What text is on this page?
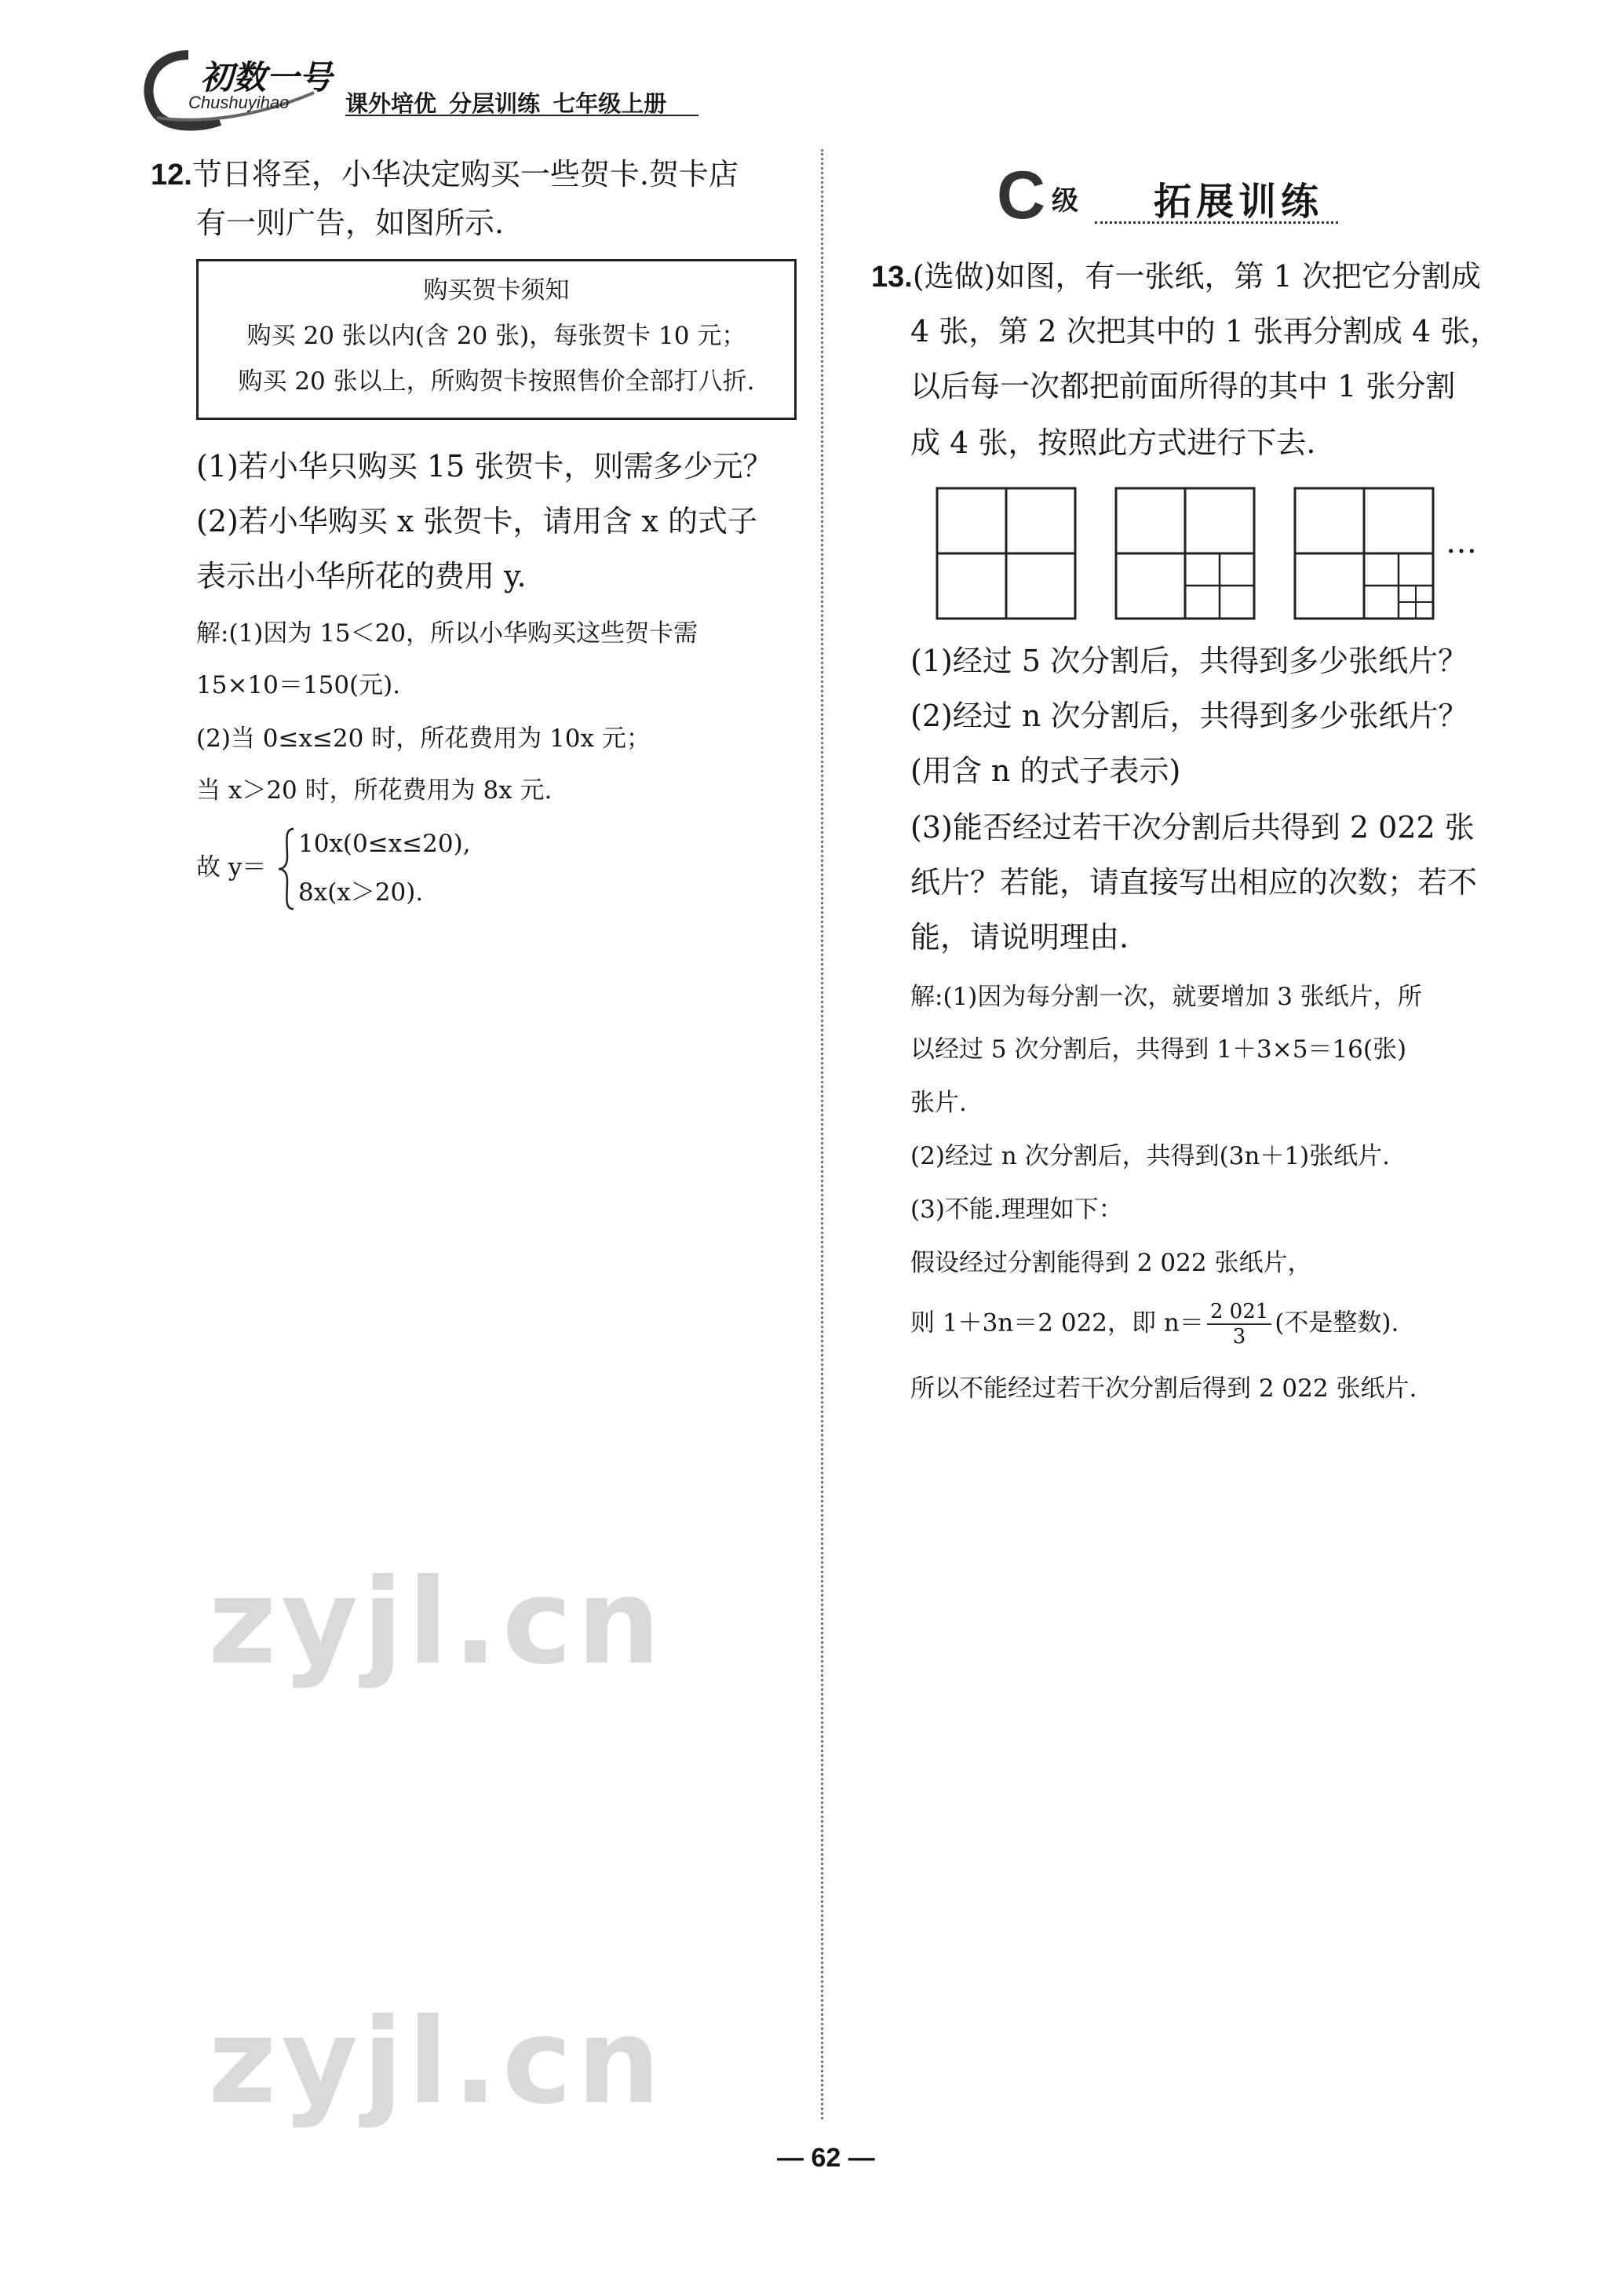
初数一号
Chushuyihao 课外培优 分层训练 七年级上册
12.节日将至，小华决定购买一些贺卡.贺卡店
有一则广告，如图所示.
购买贺卡须知
购买 20 张以内(含 20 张)，每张贺卡 10 元；
购买 20 张以上，所购贺卡按照售价全部打八折.
(1)若小华只购买 15 张贺卡，则需多少元？
(2)若小华购买 x 张贺卡，请用含 x 的式子
表示出小华所花的费用 y.
解:(1)因为 15＜20，所以小华购买这些贺卡需
15×10＝150(元).
(2)当 0≤x≤20 时，所花费用为 10x 元；
当 x＞20 时，所花费用为 8x 元.
故 y＝
10x(0≤x≤20),
8x(x＞20).
C 级 拓展训练
13.(选做)如图，有一张纸，第 1 次把它分割成
4 张，第 2 次把其中的 1 张再分割成 4 张，
以后每一次都把前面所得的其中 1 张分割
成 4 张，按照此方式进行下去.
…
(1)经过 5 次分割后，共得到多少张纸片？
(2)经过 n 次分割后，共得到多少张纸片？
(用含 n 的式子表示)
(3)能否经过若干次分割后共得到 2 022 张
纸片？若能，请直接写出相应的次数；若不
能，请说明理由.
解:(1)因为每分割一次，就要增加 3 张纸片，所
以经过 5 次分割后，共得到 1＋3×5＝16(张)
张片.
(2)经过 n 次分割后，共得到(3n＋1)张纸片.
(3)不能.理理如下：
假设经过分割能得到 2 022 张纸片，
则 1＋3n＝2 022，即 $n= \frac{2 021}{3}$ (不是整数).
所以不能经过若干次分割后得到 2 022 张纸片.
zyjl.cn
zyjl.cn
— 62 —
